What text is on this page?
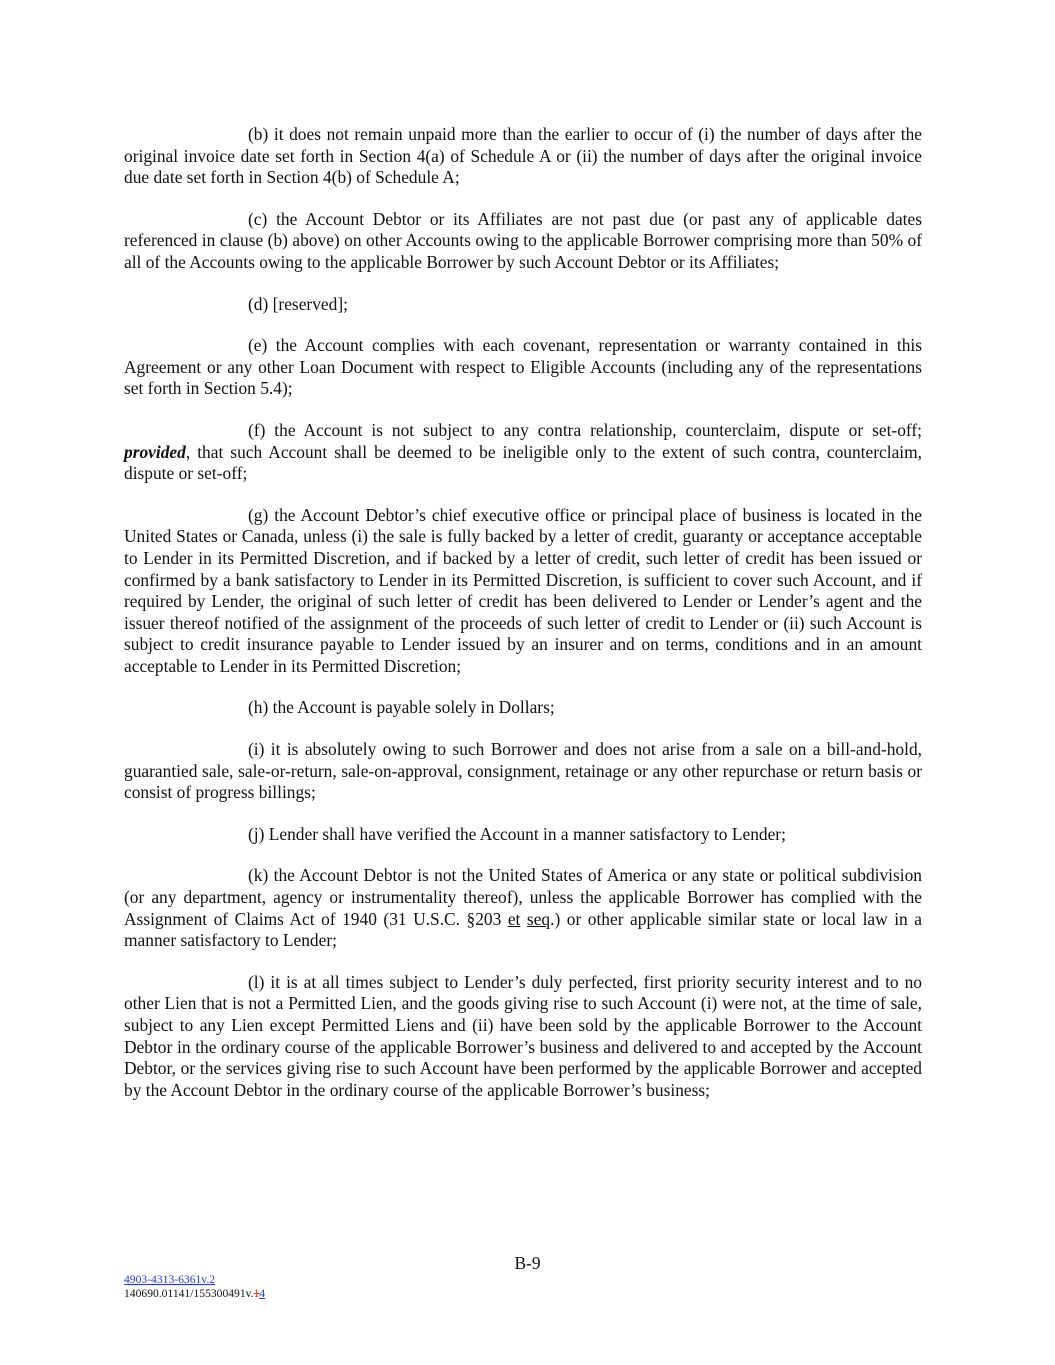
(b) it does not remain unpaid more than the earlier to occur of (i) the number of days after the original invoice date set forth in Section 4(a) of Schedule A or (ii) the number of days after the original invoice due date set forth in Section 4(b) of Schedule A;

(c) the Account Debtor or its Affiliates are not past due (or past any of applicable dates referenced in clause (b) above) on other Accounts owing to the applicable Borrower comprising more than 50% of all of the Accounts owing to the applicable Borrower by such Account Debtor or its Affiliates;

(d) [reserved];

(e) the Account complies with each covenant, representation or warranty contained in this Agreement or any other Loan Document with respect to Eligible Accounts (including any of the representations set forth in Section 5.4);

(f) the Account is not subject to any contra relationship, counterclaim, dispute or set-off; provided, that such Account shall be deemed to be ineligible only to the extent of such contra, counterclaim, dispute or set-off;

(g) the Account Debtor’s chief executive office or principal place of business is located in the United States or Canada, unless (i) the sale is fully backed by a letter of credit, guaranty or acceptance acceptable to Lender in its Permitted Discretion, and if backed by a letter of credit, such letter of credit has been issued or confirmed by a bank satisfactory to Lender in its Permitted Discretion, is sufficient to cover such Account, and if required by Lender, the original of such letter of credit has been delivered to Lender or Lender’s agent and the issuer thereof notified of the assignment of the proceeds of such letter of credit to Lender or (ii) such Account is subject to credit insurance payable to Lender issued by an insurer and on terms, conditions and in an amount acceptable to Lender in its Permitted Discretion;

(h) the Account is payable solely in Dollars;

(i) it is absolutely owing to such Borrower and does not arise from a sale on a bill-and-hold, guarantied sale, sale-or-return, sale-on-approval, consignment, retainage or any other repurchase or return basis or consist of progress billings;

(j) Lender shall have verified the Account in a manner satisfactory to Lender;

(k) the Account Debtor is not the United States of America or any state or political subdivision (or any department, agency or instrumentality thereof), unless the applicable Borrower has complied with the Assignment of Claims Act of 1940 (31 U.S.C. §203 et seq.) or other applicable similar state or local law in a manner satisfactory to Lender;

(l) it is at all times subject to Lender’s duly perfected, first priority security interest and to no other Lien that is not a Permitted Lien, and the goods giving rise to such Account (i) were not, at the time of sale, subject to any Lien except Permitted Liens and (ii) have been sold by the applicable Borrower to the Account Debtor in the ordinary course of the applicable Borrower’s business and delivered to and accepted by the Account Debtor, or the services giving rise to such Account have been performed by the applicable Borrower and accepted by the Account Debtor in the ordinary course of the applicable Borrower’s business;

B-9
4903-4313-6361v.2
140690.01141/155300491v.14
